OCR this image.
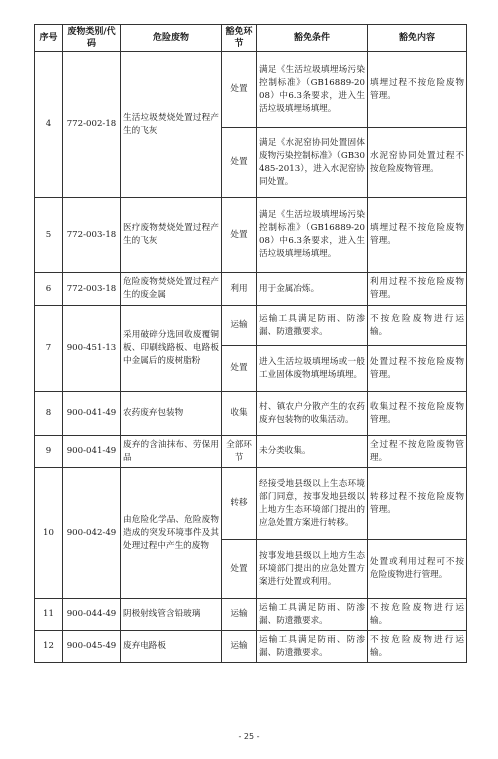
序号	废物类别/代码	危险废物	豁免环节	豁免条件	豁免内容
4	772-002-18	生活垃圾焚烧处置过程产生的飞灰	处置	满足《生活垃圾填埋场污染控制标准》（GB16889-2008）中6.3条要求，进入生活垃圾填埋场填埋。	填埋过程不按危险废物管理。
			处置	满足《水泥窑协同处置固体废物污染控制标准》（GB30485-2013），进入水泥窑协同处置。	水泥窑协同处置过程不按危险废物管理。
5	772-003-18	医疗废物焚烧处置过程产生的飞灰	处置	满足《生活垃圾填埋场污染控制标准》（GB16889-2008）中6.3条要求，进入生活垃圾填埋场填埋。	填埋过程不按危险废物管理。
6	772-003-18	危险废物焚烧处置过程产生的废金属	利用	用于金属冶炼。	利用过程不按危险废物管理。
7	900-451-13	采用破碎分选回收废覆铜板、印刷线路板、电路板中金属后的废树脂粉	运输	运输工具满足防雨、防渗漏、防遗撒要求。	不按危险废物进行运输。
			处置	进入生活垃圾填埋场或一般工业固体废物填埋场填埋。	处置过程不按危险废物管理。
8	900-041-49	农药废弃包装物	收集	村、镇农户分散产生的农药废弃包装物的收集活动。	收集过程不按危险废物管理。
9	900-041-49	废弃的含油抹布、劳保用品	全部环节	未分类收集。	全过程不按危险废物管理。
10	900-042-49	由危险化学品、危险废物造成的突发环境事件及其处理过程中产生的废物	转移	经接受地县级以上生态环境部门同意，按事发地县级以上地方生态环境部门提出的应急处置方案进行转移。	转移过程不按危险废物管理。
			处置	按事发地县级以上地方生态环境部门提出的应急处置方案进行处置或利用。	处置或利用过程可不按危险废物进行管理。
11	900-044-49	阴极射线管含铅玻璃	运输	运输工具满足防雨、防渗漏、防遗撒要求。	不按危险废物进行运输。
12	900-045-49	废弃电路板	运输	运输工具满足防雨、防渗漏、防遗撒要求。	不按危险废物进行运输。
- 25 -
